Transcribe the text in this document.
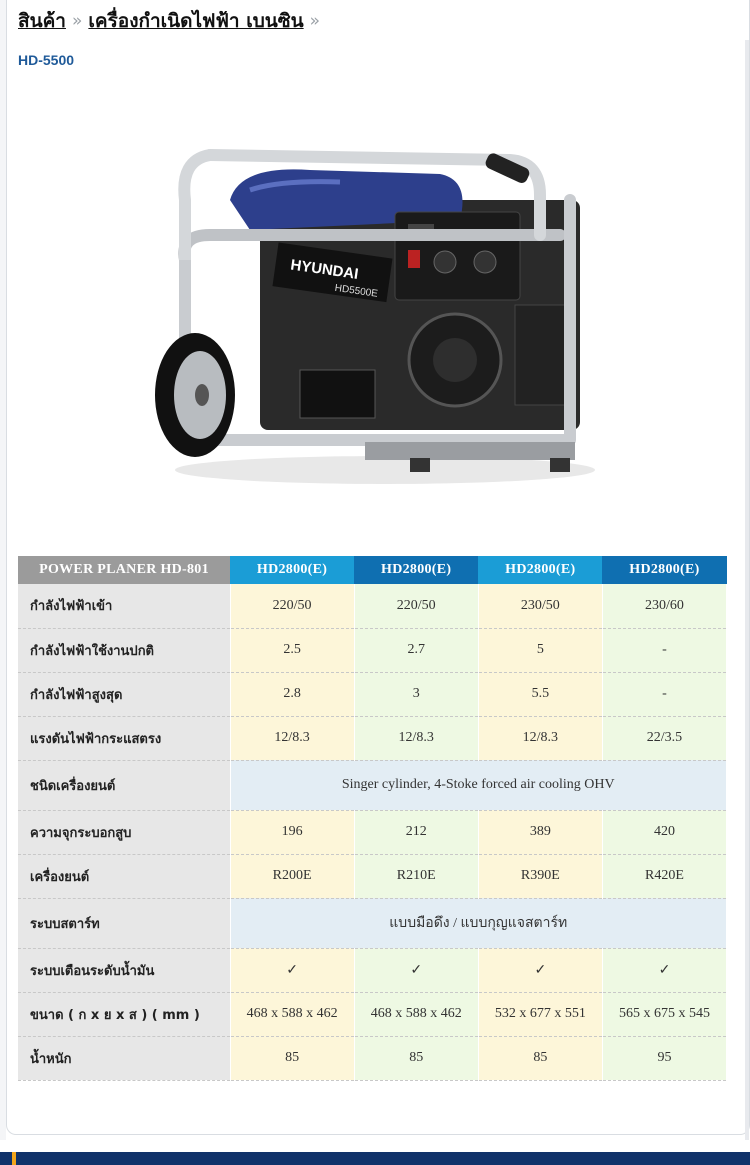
สินค้า » เครื่องกำเนิดไฟฟ้า เบนซิน »
HD-5500
HYUNDAI
HD5500E
POWER PLANER HD-801	HD2800(E)	HD2800(E)	HD2800(E)	HD2800(E)
กำลังไฟฟ้าเข้า	220/50	220/50	230/50	230/60
กำลังไฟฟ้าใช้งานปกติ	2.5	2.7	5	-
กำลังไฟฟ้าสูงสุด	2.8	3	5.5	-
แรงดันไฟฟ้ากระแสตรง	12/8.3	12/8.3	12/8.3	22/3.5
ชนิดเครื่องยนต์	Singer cylinder, 4-Stoke forced air cooling OHV			
ความจุกระบอกสูบ	196	212	389	420
เครื่องยนต์	R200E	R210E	R390E	R420E
ระบบสตาร์ท	แบบมือดึง / แบบกุญแจสตาร์ท			
ระบบเตือนระดับน้ำมัน	✓	✓	✓	✓
ขนาด ( ก x ย x ส ) ( mm )	468 x 588 x 462	468 x 588 x 462	532 x 677 x 551	565 x 675 x 545
น้ำหนัก	85	85	85	95
